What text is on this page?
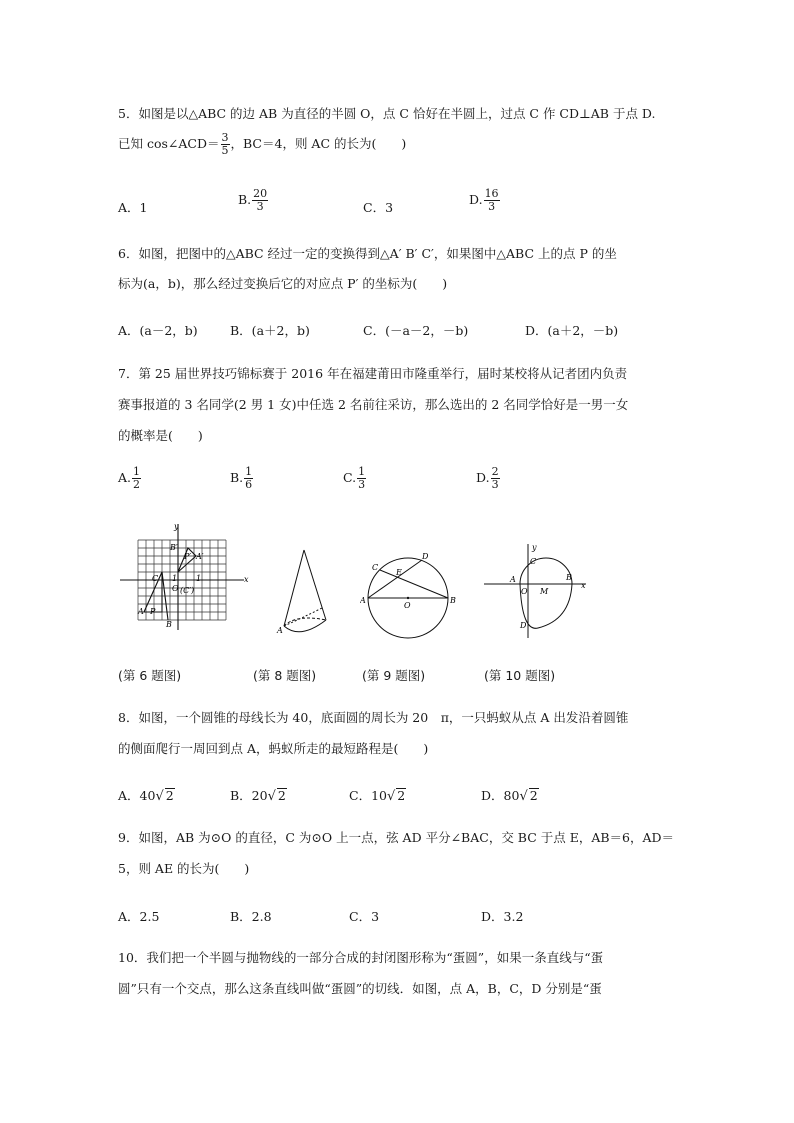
5．如图是以△ABC 的边 AB 为直径的半圆 O，点 C 恰好在半圆上，过点 C 作 CD⊥AB 于点 D.
已知 cos∠ACD＝ $\frac{3}{5}$ ，BC＝4，则 AC 的长为(　　)
A．1
B. $\frac{20}{3}$	C．3
D. $\frac{16}{3}$
6．如图，把图中的△ABC 经过一定的变换得到△A′ B′ C′，如果图中△ABC 上的点 P 的坐
标为(a，b)，那么经过变换后它的对应点 P′ 的坐标为(　　)
A．(a－2，b)	B．(a＋2，b)	C．(－a－2，－b)	D．(a＋2，－b)
7．第 25 届世界技巧锦标赛于 2016 年在福建莆田市隆重举行，届时某校将从记者团内负责
赛事报道的 3 名同学(2 男 1 女)中任选 2 名前往采访，那么选出的 2 名同学恰好是一男一女
的概率是(　　)
A. $\frac{1}{2}$	B. $\frac{1}{6}$	C. $\frac{1}{3}$	D. $\frac{2}{3}$
y
x
B′
P′ A′
C 1 1
O (C′)
A P
B
A
C
D
E
A
O
B
y
x
A	B
O M
C
D
(第 6 题图)	(第 8 题图)	(第 9 题图)	(第 10 题图)
8．如图，一个圆锥的母线长为 40，底面圆的周长为 20　π，一只蚂蚁从点 A 出发沿着圆锥
的侧面爬行一周回到点 A，蚂蚁所走的最短路程是(　　)
A．40√ 2	B．20√ 2	C．10√ 2	D．80√ 2
9．如图，AB 为⊙O 的直径，C 为⊙O 上一点，弦 AD 平分∠BAC，交 BC 于点 E，AB＝6，AD＝
5，则 AE 的长为(　　)
A．2.5	B．2.8	C．3	D．3.2
10．我们把一个半圆与抛物线的一部分合成的封闭图形称为“蛋圆”，如果一条直线与“蛋
圆”只有一个交点，那么这条直线叫做“蛋圆”的切线．如图，点 A，B，C，D 分别是“蛋
